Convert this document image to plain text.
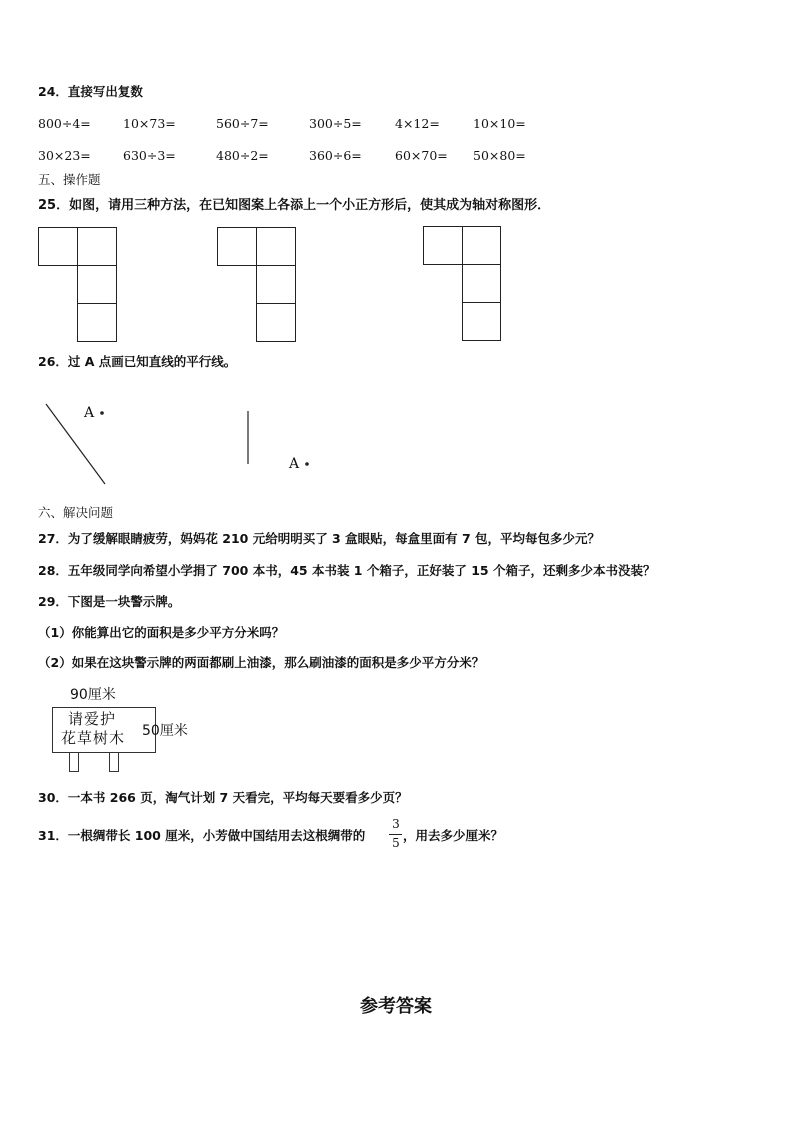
24．直接写出复数
800÷4=	10×73=	560÷7=	300÷5=	4×12=	10×10=
30×23=	630÷3=	480÷2=	360÷6=	60×70= 50×80=
五、操作题
25．如图，请用三种方法，在已知图案上各添上一个小正方形后，使其成为轴对称图形．
26．过 A 点画已知直线的平行线。
A
A
六、解决问题
27．为了缓解眼睛疲劳，妈妈花 210 元给明明买了 3 盒眼贴，每盒里面有 7 包，平均每包多少元？
28．五年级同学向希望小学捐了 700 本书，45 本书装 1 个箱子，正好装了 15 个箱子，还剩多少本书没装？
29．下图是一块警示牌。
（1）你能算出它的面积是多少平方分米吗？
（2）如果在这块警示牌的两面都刷上油漆，那么刷油漆的面积是多少平方分米？
90厘米
请爱护
花草树木 50厘米
30．一本书 266 页，淘气计划 7 天看完，平均每天要看多少页？
31．一根绸带长 100 厘米，小芳做中国结用去这根绸带的
3
5 ，用去多少厘米？
参考答案
